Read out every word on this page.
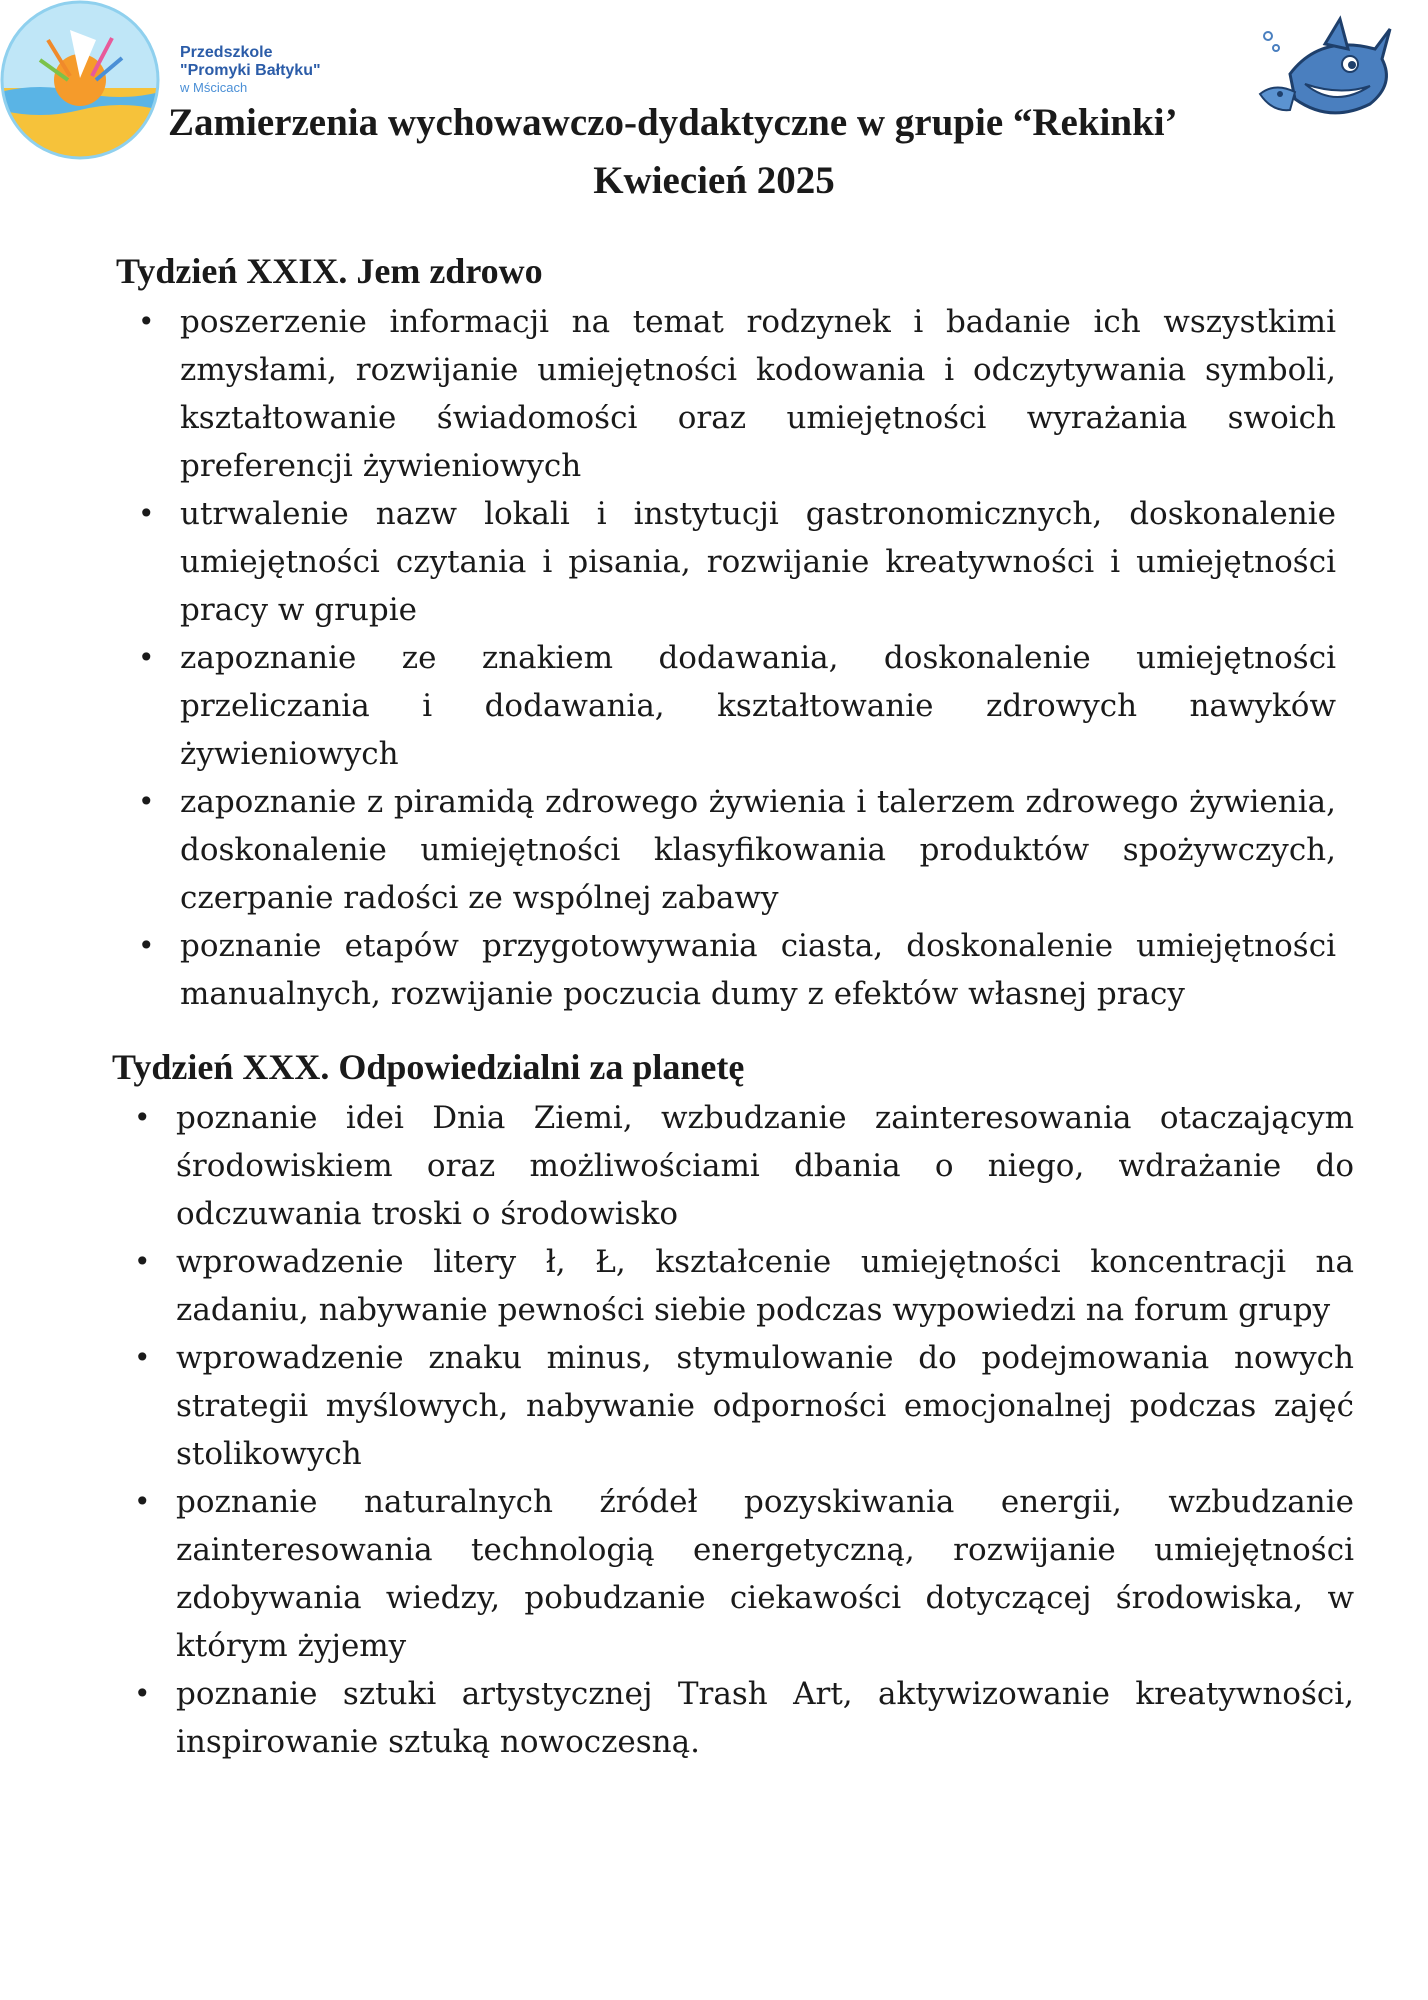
Przedszkole
"Promyki Bałtyku"
w Mścicach
Zamierzenia wychowawczo-dydaktyczne w grupie “Rekinki’
Kwiecień 2025
Tydzień XXIX. Jem zdrowo
• poszerzenie informacji na temat rodzynek i badanie ich wszystkimi zmysłami, rozwijanie umiejętności kodowania i odczytywania symboli, kształtowanie świadomości oraz umiejętności wyrażania swoich preferencji żywieniowych
• utrwalenie nazw lokali i instytucji gastronomicznych, doskonalenie umiejętności czytania i pisania, rozwijanie kreatywności i umiejętności pracy w grupie
• zapoznanie ze znakiem dodawania, doskonalenie umiejętności przeliczania i dodawania, kształtowanie zdrowych nawyków żywieniowych
• zapoznanie z piramidą zdrowego żywienia i talerzem zdrowego żywienia, doskonalenie umiejętności klasyfikowania produktów spożywczych, czerpanie radości ze wspólnej zabawy
• poznanie etapów przygotowywania ciasta, doskonalenie umiejętności manualnych, rozwijanie poczucia dumy z efektów własnej pracy
Tydzień XXX. Odpowiedzialni za planetę
• poznanie idei Dnia Ziemi, wzbudzanie zainteresowania otaczającym środowiskiem oraz możliwościami dbania o niego, wdrażanie do odczuwania troski o środowisko
• wprowadzenie litery ł, Ł, kształcenie umiejętności koncentracji na zadaniu, nabywanie pewności siebie podczas wypowiedzi na forum grupy
• wprowadzenie znaku minus, stymulowanie do podejmowania nowych strategii myślowych, nabywanie odporności emocjonalnej podczas zajęć stolikowych
• poznanie naturalnych źródeł pozyskiwania energii, wzbudzanie zainteresowania technologią energetyczną, rozwijanie umiejętności zdobywania wiedzy, pobudzanie ciekawości dotyczącej środowiska, w którym żyjemy
• poznanie sztuki artystycznej Trash Art, aktywizowanie kreatywności, inspirowanie sztuką nowoczesną.
